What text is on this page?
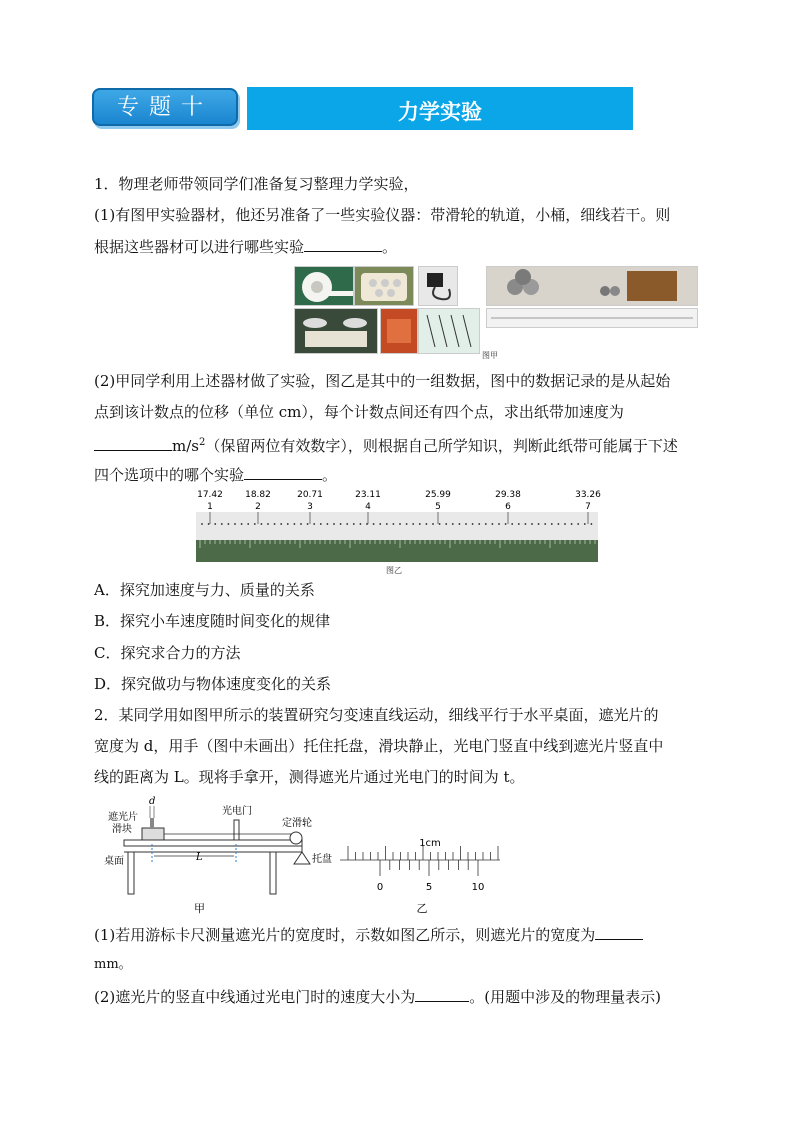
专题十	力学实验

1．物理老师带领同学们准备复习整理力学实验，

(1)有图甲实验器材，他还另准备了一些实验仪器：带滑轮的轨道，小桶，细线若干。则

根据这些器材可以进行哪些实验	。

图甲

(2)甲同学利用上述器材做了实验，图乙是其中的一组数据，图中的数据记录的是从起始

点到该计数点的位移（单位 cm），每个计数点间还有四个点，求出纸带加速度为

$m/s^2$（保留两位有效数字），则根据自己所学知识，判断此纸带可能属于下述

四个选项中的哪个实验	。

17.42
1
18.82
2
20.71
3
23.11
4
25.99
5
29.38
6
33.26
7
图乙

A．探究加速度与力、质量的关系

B．探究小车速度随时间变化的规律

C．探究求合力的方法

D．探究做功与物体速度变化的关系

2．某同学用如图甲所示的装置研究匀变速直线运动，细线平行于水平桌面，遮光片的

宽度为 d，用手（图中未画出）托住托盘，滑块静止，光电门竖直中线到遮光片竖直中

线的距离为 L。现将手拿开，测得遮光片通过光电门的时间为 t。

d
遮光片
滑块
桌面
光电门
L
定滑轮
托盘
甲
1cm
0	5	10
乙

(1)若用游标卡尺测量遮光片的宽度时，示数如图乙所示，则遮光片的宽度为

mm。

(2)遮光片的竖直中线通过光电门时的速度大小为	。(用题中涉及的物理量表示)
